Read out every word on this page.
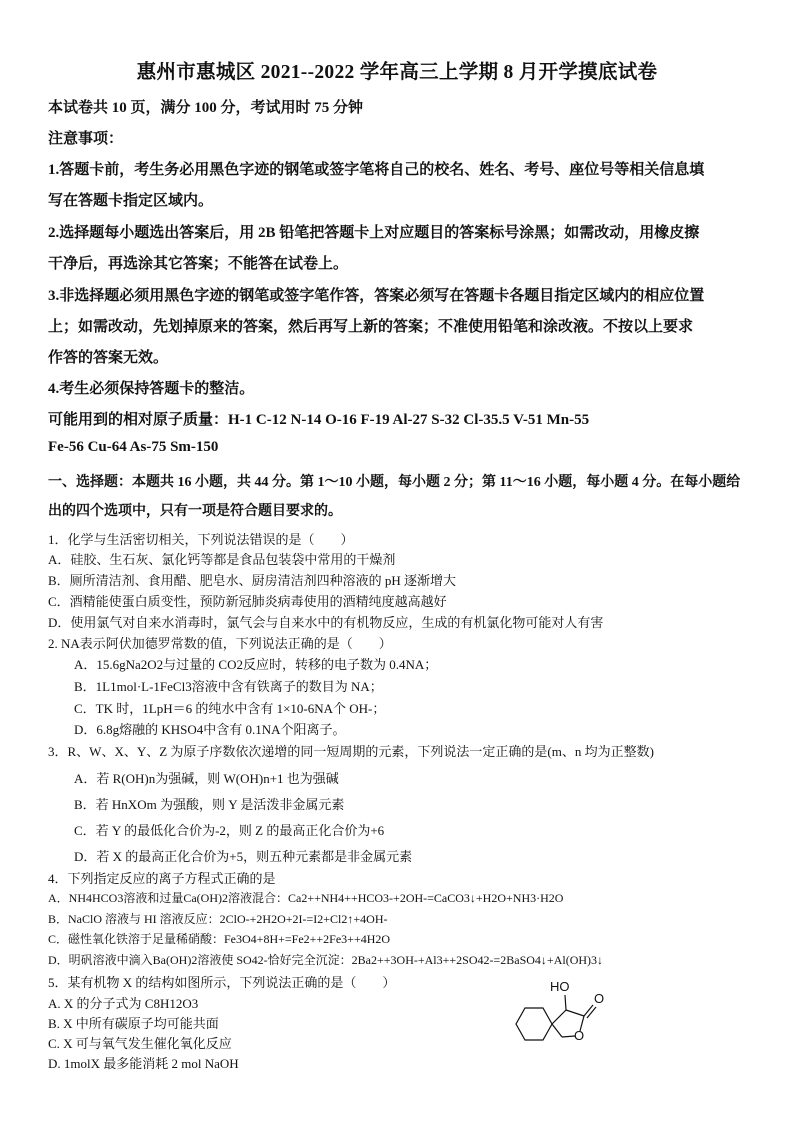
惠州市惠城区 2021--2022 学年高三上学期 8 月开学摸底试卷
本试卷共 10 页，满分 100 分，考试用时 75 分钟
注意事项：
1.答题卡前，考生务必用黑色字迹的钢笔或签字笔将自己的校名、姓名、考号、座位号等相关信息填
写在答题卡指定区域内。
2.选择题每小题选出答案后，用 2B 铅笔把答题卡上对应题目的答案标号涂黑；如需改动，用橡皮擦
干净后，再选涂其它答案；不能答在试卷上。
3.非选择题必须用黑色字迹的钢笔或签字笔作答，答案必须写在答题卡各题目指定区域内的相应位置
上；如需改动，先划掉原来的答案，然后再写上新的答案；不准使用铅笔和涂改液。不按以上要求
作答的答案无效。
4.考生必须保持答题卡的整洁。
可能用到的相对原子质量：H-1 C-12 N-14 O-16 F-19 Al-27 S-32 Cl-35.5 V-51 Mn-55
Fe-56 Cu-64 As-75 Sm-150
一、选择题：本题共 16 小题，共 44 分。第 1～10 小题，每小题 2 分；第 11～16 小题，每小题 4 分。在每小题给
出的四个选项中，只有一项是符合题目要求的。
1．化学与生活密切相关，下列说法错误的是（　　）
A．硅胶、生石灰、氯化钙等都是食品包装袋中常用的干燥剂
B．厕所清洁剂、食用醋、肥皂水、厨房清洁剂四种溶液的 pH 逐渐增大
C．酒精能使蛋白质变性，预防新冠肺炎病毒使用的酒精纯度越高越好
D．使用氯气对自来水消毒时，氯气会与自来水中的有机物反应，生成的有机氯化物可能对人有害
2. NA表示阿伏加德罗常数的值，下列说法正确的是（　　）
A．15.6gNa2O2与过量的 CO2反应时，转移的电子数为 0.4NA；
B．1L1mol·L-1FeCl3溶液中含有铁离子的数目为 NA；
C．TK 时，1LpH＝6 的纯水中含有 1×10-6NA个 OH-；
D．6.8g熔融的 KHSO4中含有 0.1NA个阳离子。
3．R、W、X、Y、Z 为原子序数依次递增的同一短周期的元素，下列说法一定正确的是(m、n 均为正整数)
A．若 R(OH)n为强碱，则 W(OH)n+1 也为强碱
B．若 HnXOm 为强酸，则 Y 是活泼非金属元素
C．若 Y 的最低化合价为-2，则 Z 的最高正化合价为+6
D．若 X 的最高正化合价为+5，则五种元素都是非金属元素
4．下列指定反应的离子方程式正确的是
A．NH4HCO3溶液和过量Ca(OH)2溶液混合：Ca2++NH4++HCO3-+2OH-=CaCO3↓+H2O+NH3·H2O
B．NaClO 溶液与 HI 溶液反应：2ClO-+2H2O+2I-=I2+Cl2↑+4OH-
C．磁性氧化铁溶于足量稀硝酸：Fe3O4+8H+=Fe2++2Fe3++4H2O
D．明矾溶液中滴入Ba(OH)2溶液使 SO42-恰好完全沉淀：2Ba2++3OH-+Al3++2SO42-=2BaSO4↓+Al(OH)3↓
5．某有机物 X 的结构如图所示，下列说法正确的是（　　）
A. X 的分子式为 C8H12O3
B. X 中所有碳原子均可能共面
C. X 可与氧气发生催化氧化反应
D. 1molX 最多能消耗 2 mol NaOH
HO
O
O
